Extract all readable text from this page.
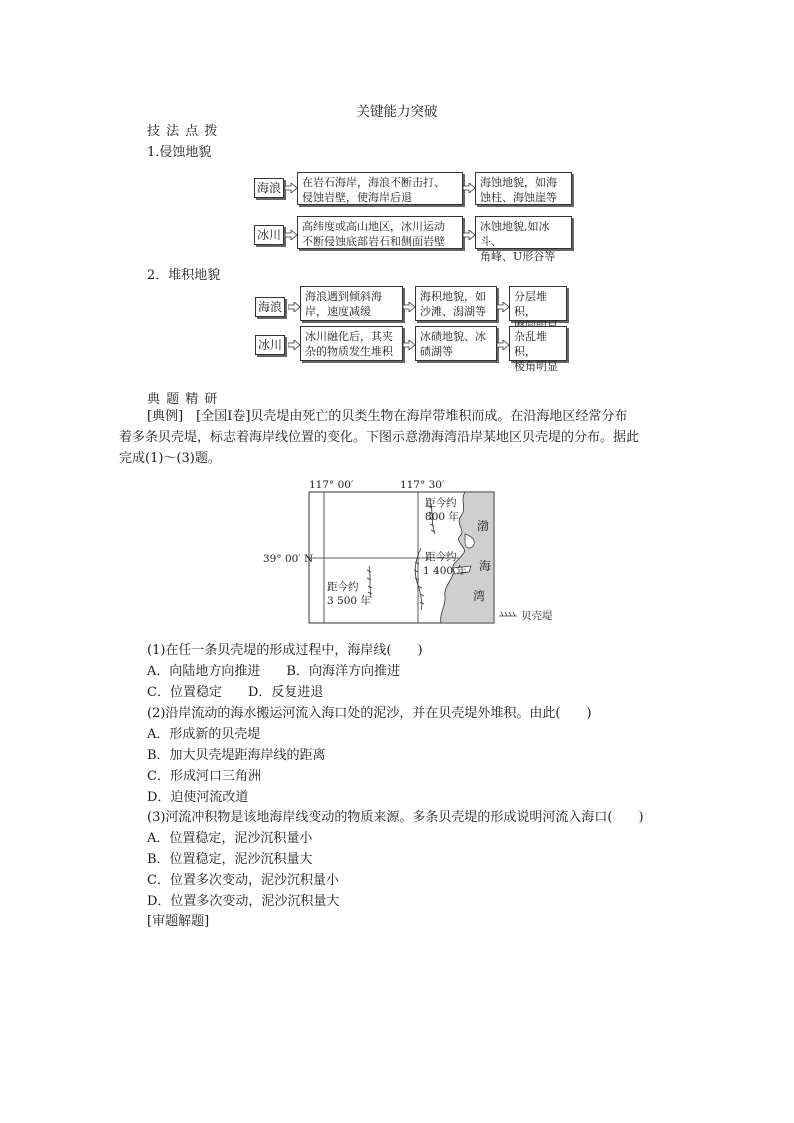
关键能力突破
技 法 点 拨
1.侵蚀地貌
海浪 在岩石海岸，海浪不断击打、
侵蚀岩壁，使海岸后退
海蚀地貌，如海
蚀柱、海蚀崖等
冰川
高纬度或高山地区，冰川运动
不断侵蚀底部岩石和侧面岩壁
冰蚀地貌,如冰斗、
角峰、U形谷等
2．堆积地貌
海浪
海浪遇到倾斜海
岸，速度减缓
海积地貌，如
沙滩、潟湖等
分层堆积，
冰川
冰川融化后，其夹
杂的物质发生堆积
冰碛地貌、冰
碛湖等
杂乱堆积，
棱角明显
典 题 精 研
[典例]　[全国Ⅰ卷]贝壳堤由死亡的贝类生物在海岸带堆积而成。在沿海地区经常分布
着多条贝壳堤，标志着海岸线位置的变化。下图示意渤海湾沿岸某地区贝壳堤的分布。据此
完成(1)～(3)题。
117° 00′	117° 30′
39° 00′ N
距今约
800 年
距今约
1 400 年
距今约
3 500 年
渤
海
湾
贝壳堤
(1)在任一条贝壳堤的形成过程中，海岸线(　　)
A．向陆地方向推进　　B．向海洋方向推进
C．位置稳定　　D．反复进退
(2)沿岸流动的海水搬运河流入海口处的泥沙，并在贝壳堤外堆积。由此(　　)
A．形成新的贝壳堤
B．加大贝壳堤距海岸线的距离
C．形成河口三角洲
D．迫使河流改道
(3)河流冲积物是该地海岸线变动的物质来源。多条贝壳堤的形成说明河流入海口(　　)
A．位置稳定，泥沙沉积量小
B．位置稳定，泥沙沉积量大
C．位置多次变动，泥沙沉积量小
D．位置多次变动，泥沙沉积量大
[审题解题]
